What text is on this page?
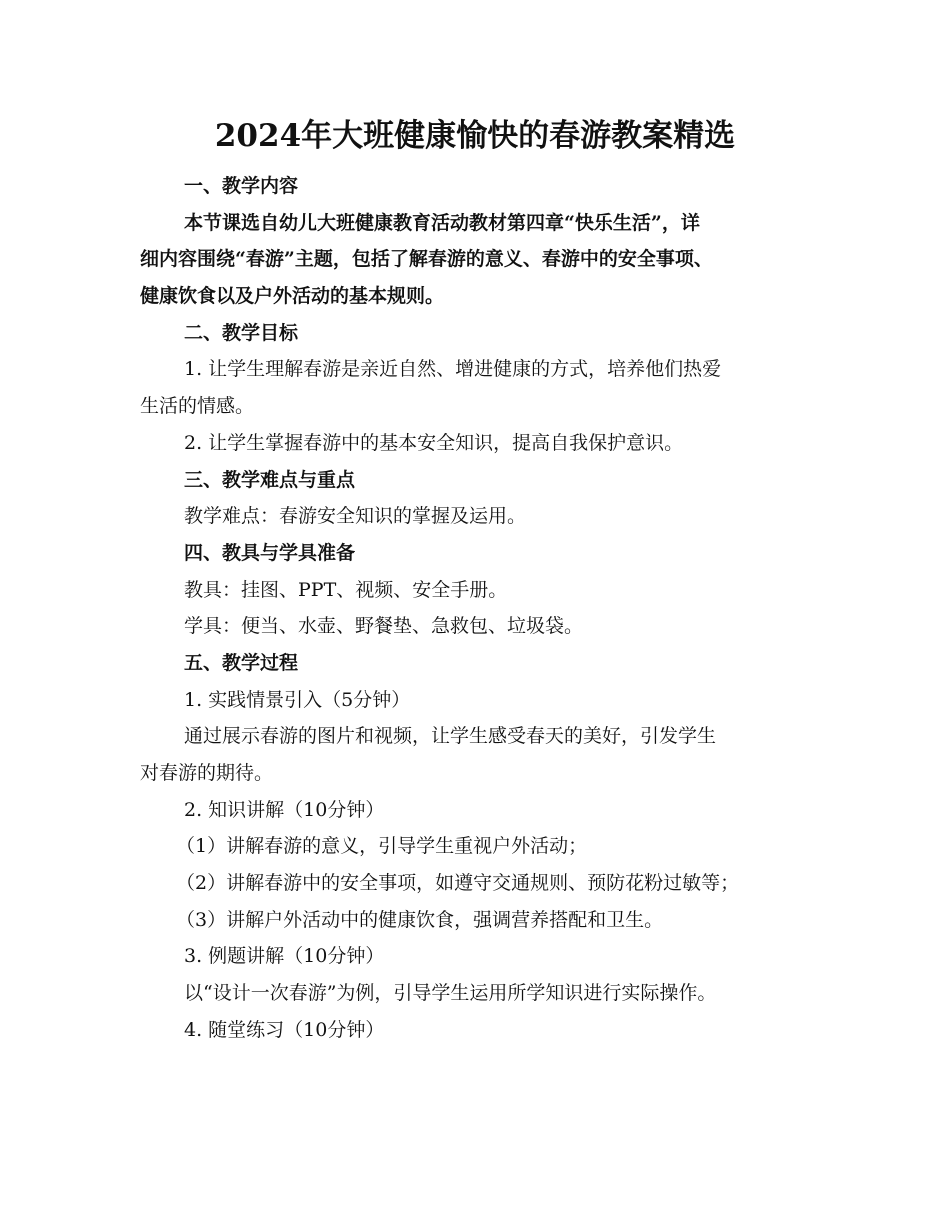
2024年大班健康愉快的春游教案精选
一、教学内容
本节课选自幼儿大班健康教育活动教材第四章“快乐生活”，详
细内容围绕“春游”主题，包括了解春游的意义、春游中的安全事项、
健康饮食以及户外活动的基本规则。
二、教学目标
1. 让学生理解春游是亲近自然、增进健康的方式，培养他们热爱
生活的情感。
2. 让学生掌握春游中的基本安全知识，提高自我保护意识。
三、教学难点与重点
教学难点：春游安全知识的掌握及运用。
四、教具与学具准备
教具：挂图、PPT、视频、安全手册。
学具：便当、水壶、野餐垫、急救包、垃圾袋。
五、教学过程
1. 实践情景引入（5分钟）
通过展示春游的图片和视频，让学生感受春天的美好，引发学生
对春游的期待。
2. 知识讲解（10分钟）
（1）讲解春游的意义，引导学生重视户外活动；
（2）讲解春游中的安全事项，如遵守交通规则、预防花粉过敏等；
（3）讲解户外活动中的健康饮食，强调营养搭配和卫生。
3. 例题讲解（10分钟）
以“设计一次春游”为例，引导学生运用所学知识进行实际操作。
4. 随堂练习（10分钟）
